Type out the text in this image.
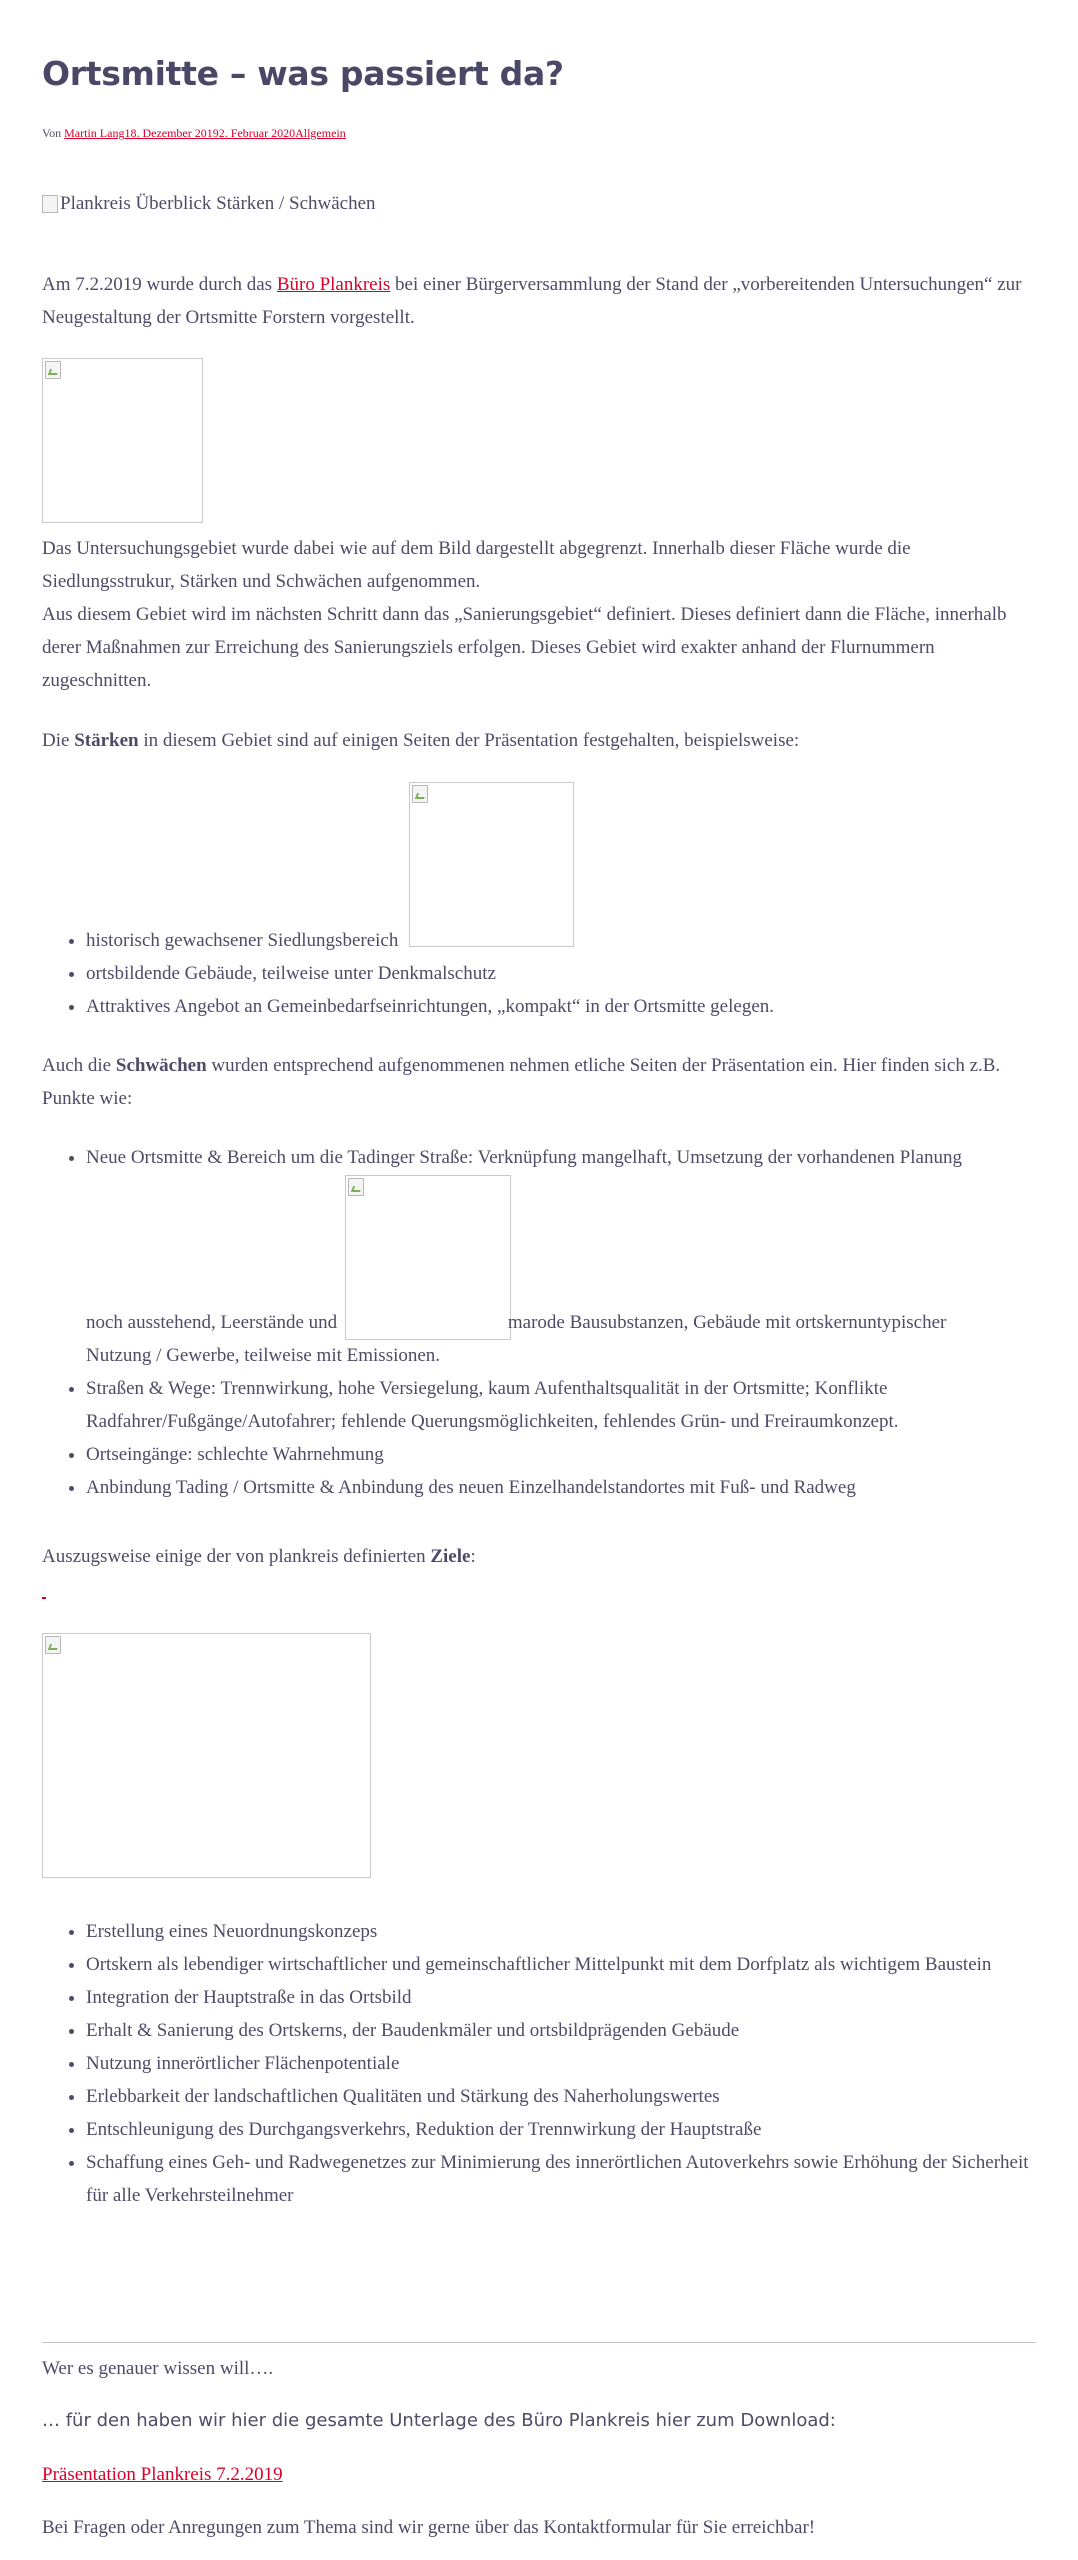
Ortsmitte – was passiert da?
Von Martin Lang18. Dezember 20192. Februar 2020Allgemein
Plankreis Überblick Stärken / Schwächen

Am 7.2.2019 wurde durch das Büro Plankreis bei einer Bürgerversammlung der Stand der „vorbereitenden Untersuchungen“ zur Neugestaltung der Ortsmitte Forstern vorgestellt.

Das Untersuchungsgebiet wurde dabei wie auf dem Bild dargestellt abgegrenzt. Innerhalb dieser Fläche wurde die Siedlungsstrukur, Stärken und Schwächen aufgenommen.

Aus diesem Gebiet wird im nächsten Schritt dann das „Sanierungsgebiet“ definiert. Dieses definiert dann die Fläche, innerhalb derer Maßnahmen zur Erreichung des Sanierungsziels erfolgen. Dieses Gebiet wird exakter anhand der Flurnummern zugeschnitten.

Die Stärken in diesem Gebiet sind auf einigen Seiten der Präsentation festgehalten, beispielsweise:

• historisch gewachsener Siedlungsbereich
• ortsbildende Gebäude, teilweise unter Denkmalschutz
• Attraktives Angebot an Gemeinbedarfseinrichtungen, „kompakt“ in der Ortsmitte gelegen.

Auch die Schwächen wurden entsprechend aufgenommenen nehmen etliche Seiten der Präsentation ein. Hier finden sich z.B. Punkte wie:

• Neue Ortsmitte & Bereich um die Tadinger Straße: Verknüpfung mangelhaft, Umsetzung der vorhandenen Planung

noch ausstehend, Leerstände und	marode Bausubstanzen, Gebäude mit ortskernuntypischer
Nutzung / Gewerbe, teilweise mit Emissionen.
• Straßen & Wege: Trennwirkung, hohe Versiegelung, kaum Aufenthaltsqualität in der Ortsmitte; Konflikte Radfahrer/Fußgänge/Autofahrer; fehlende Querungsmöglichkeiten, fehlendes Grün- und Freiraumkonzept.
• Ortseingänge: schlechte Wahrnehmung
• Anbindung Tading / Ortsmitte & Anbindung des neuen Einzelhandelstandortes mit Fuß- und Radweg

Auszugsweise einige der von plankreis definierten Ziele:

• Erstellung eines Neuordnungskonzeps
• Ortskern als lebendiger wirtschaftlicher und gemeinschaftlicher Mittelpunkt mit dem Dorfplatz als wichtigem Baustein
• Integration der Hauptstraße in das Ortsbild
• Erhalt & Sanierung des Ortskerns, der Baudenkmäler und ortsbildprägenden Gebäude
• Nutzung innerörtlicher Flächenpotentiale
• Erlebbarkeit der landschaftlichen Qualitäten und Stärkung des Naherholungswertes
• Entschleunigung des Durchgangsverkehrs, Reduktion der Trennwirkung der Hauptstraße
• Schaffung eines Geh- und Radwegenetzes zur Minimierung des innerörtlichen Autoverkehrs sowie Erhöhung der Sicherheit für alle Verkehrsteilnehmer

Wer es genauer wissen will….

… für den haben wir hier die gesamte Unterlage des Büro Plankreis hier zum Download:

Präsentation Plankreis 7.2.2019

Bei Fragen oder Anregungen zum Thema sind wir gerne über das Kontaktformular für Sie erreichbar!
